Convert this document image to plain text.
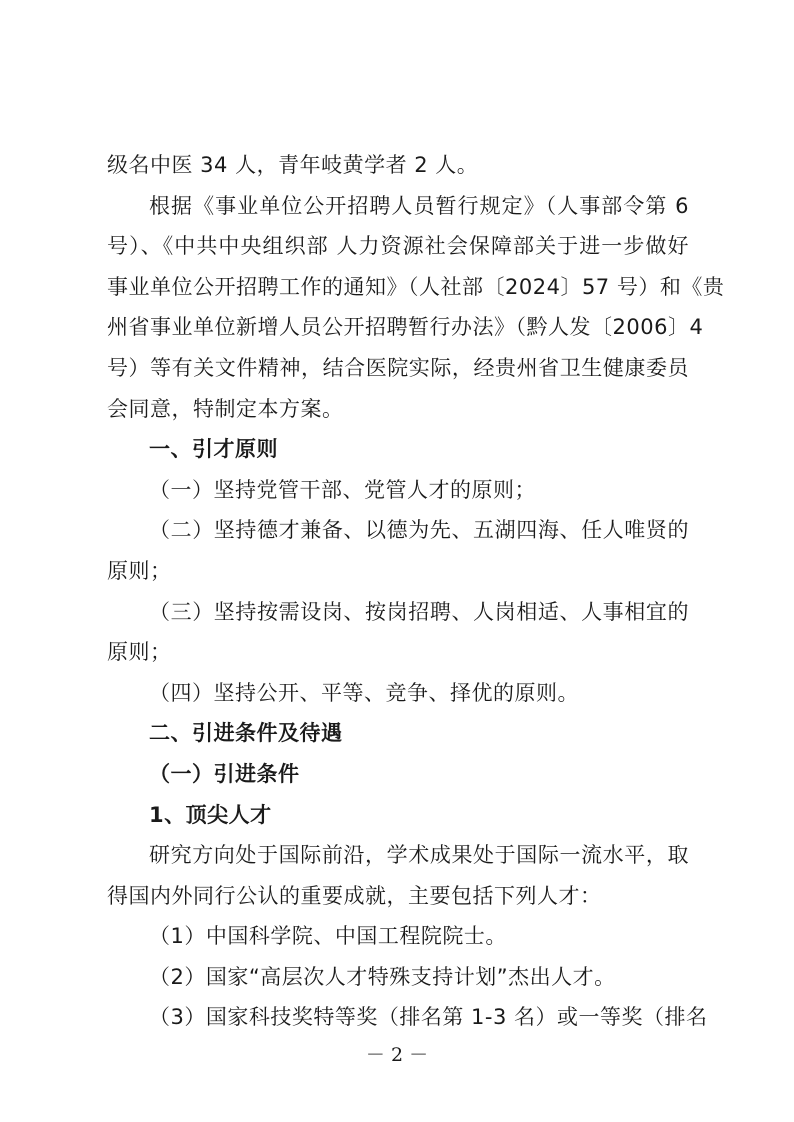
级名中医 34 人，青年岐黄学者 2 人。
根据《事业单位公开招聘人员暂行规定》（人事部令第 6
号）、《中共中央组织部 人力资源社会保障部关于进一步做好
事业单位公开招聘工作的通知》（人社部〔2024〕57 号）和《贵
州省事业单位新增人员公开招聘暂行办法》（黔人发〔2006〕4
号）等有关文件精神，结合医院实际，经贵州省卫生健康委员
会同意，特制定本方案。
一、引才原则
（一）坚持党管干部、党管人才的原则；
（二）坚持德才兼备、以德为先、五湖四海、任人唯贤的
原则；
（三）坚持按需设岗、按岗招聘、人岗相适、人事相宜的
原则；
（四）坚持公开、平等、竞争、择优的原则。
二、引进条件及待遇
（一）引进条件
1、顶尖人才
研究方向处于国际前沿，学术成果处于国际一流水平，取
得国内外同行公认的重要成就，主要包括下列人才：
（1）中国科学院、中国工程院院士。
（2）国家“高层次人才特殊支持计划”杰出人才。
（3）国家科技奖特等奖（排名第 1-3 名）或一等奖（排名
－ 2 －
